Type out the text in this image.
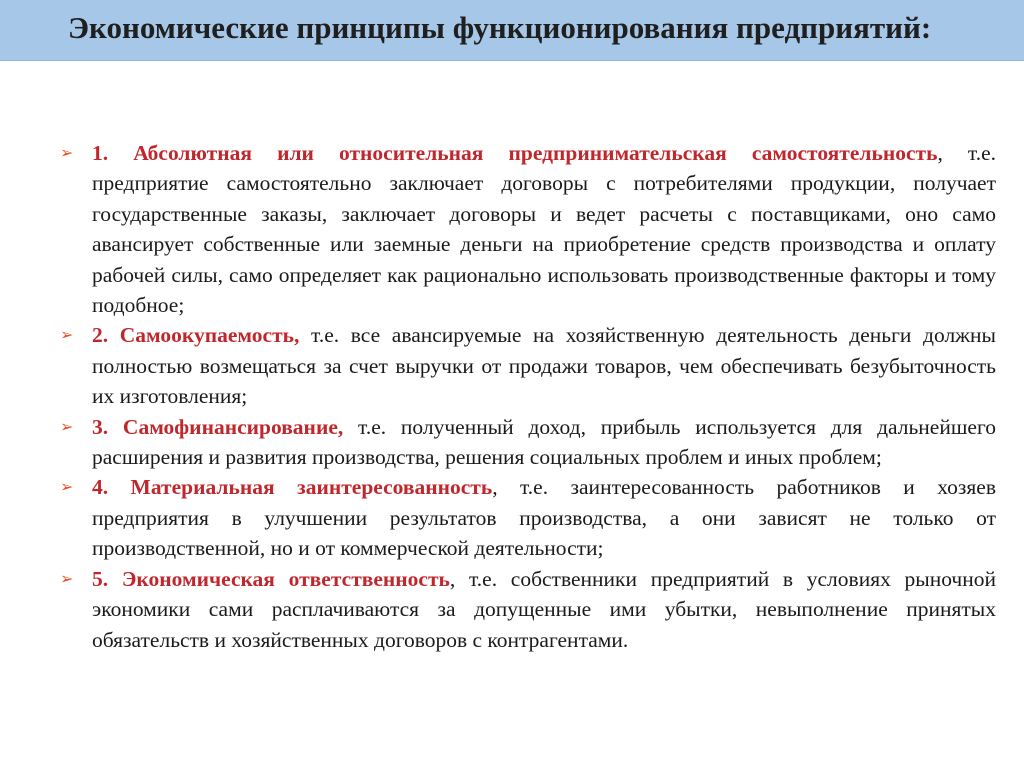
Экономические принципы функционирования предприятий:
➢ 1. Абсолютная или относительная предпринимательская самостоятельность, т.е. предприятие самостоятельно заключает договоры с потребителями продукции, получает государственные заказы, заключает договоры и ведет расчеты с поставщиками, оно само авансирует собственные или заемные деньги на приобретение средств производства и оплату рабочей силы, само определяет как рационально использовать производственные факторы и тому подобное;
➢ 2. Самоокупаемость, т.е. все авансируемые на хозяйственную деятельность деньги должны полностью возмещаться за счет выручки от продажи товаров, чем обеспечивать безубыточность их изготовления;
➢ 3. Самофинансирование, т.е. полученный доход, прибыль используется для дальнейшего расширения и развития производства, решения социальных проблем и иных проблем;
➢ 4. Материальная заинтересованность, т.е. заинтересованность работников и хозяев предприятия в улучшении результатов производства, а они зависят не только от производственной, но и от коммерческой деятельности;
➢ 5. Экономическая ответственность, т.е. собственники предприятий в условиях рыночной экономики сами расплачиваются за допущенные ими убытки, невыполнение принятых обязательств и хозяйственных договоров с контрагентами.
